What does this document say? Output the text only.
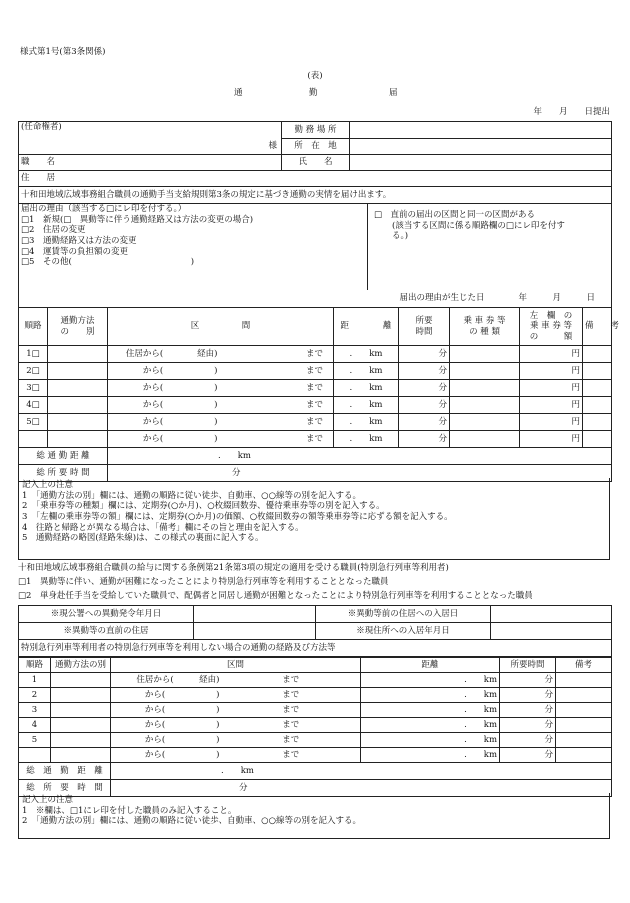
様式第1号(第3条関係)
(表)
通	勤	届
年　　月　　日提出
(任命権者)
様	勤 務 場 所	
	所　在　地	
職　　名	氏　　名	
住　　居		
十和田地域広域事務組合職員の通勤手当支給規則第3条の規定に基づき通勤の実情を届け出ます。

届出の理由（該当する□にレ印を付する。）
□1　新規(□　異動等に伴う通勤経路又は方法の変更の場合)
□2　住居の変更
□3　通勤経路又は方法の変更
□4　運賃等の負担額の変更
□5　その他(　　　　　　　　　　　　　　)

□　直前の届出の区間と同一の区間がある
(該当する区間に係る順路欄の□にレ印を付す
る。)

届出の理由が生じた日　　　　年　　　月　　　日
順路	通勤方法
の　　別	区　　　　　間		距　　　　離	所要
時間	乗 車 券 等
の 種 類	左　欄　の
乗 車 券 等
の　　　額	備　　考
1□		住居から(　　　　経由)	まで	.　　km	分		円	
2□		から(　　　　　　)	まで	.　　km	分		円	
3□		から(　　　　　　)	まで	.　　km	分		円	
4□		から(　　　　　　)	まで	.　　km	分		円	
5□		から(　　　　　　)	まで	.　　km	分		円	
		から(　　　　　　)	まで	.　　km	分		円	
総 通 勤 距 離		.　　km						
総 所 要 時 間		分						
記入上の注意
1　「通勤方法の別」欄には、通勤の順路に従い徒歩、自動車、○○線等の別を記入する。
2　「乗車券等の種類」欄には、定期券(○か月)、○枚綴回数券、優待乗車券等の別を記入する。
3　「左欄の乗車券等の額」欄には、定期券(○か月)の価額、○枚綴回数券の額等乗車券等に応ずる額を記入する。
4　往路と帰路とが異なる場合は、「備考」欄にその旨と理由を記入する。
5　通勤経路の略図(経路朱線)は、この様式の裏面に記入する。
十和田地域広域事務組合職員の給与に関する条例第21条第3項の規定の適用を受ける職員(特別急行列車等利用者)
□1　異動等に伴い、通勤が困難になったことにより特別急行列車等を利用することとなった職員
□2　単身赴任手当を受給していた職員で、配偶者と同居し通勤が困難となったことにより特別急行列車等を利用することとなった職員
※現公署への異動発令年月日		※異動等前の住居への入居日	
※異動等の直前の住居		※現住所への入居年月日	
特別急行列車等利用者の特別急行列車等を利用しない場合の通勤の経路及び方法等			
順路	通勤方法の別	区間		距離	所要時間	備考
1		住居から(　　　経由)	まで	.　　km	分	
2		から(　　　　　　)	まで	.　　km	分	
3		から(　　　　　　)	まで	.　　km	分	
4		から(　　　　　　)	まで	.　　km	分	
5		から(　　　　　　)	まで	.　　km	分	
		から(　　　　　　)	まで	.　　km	分	
総　通　勤　距　離		.　　km				
総　所　要　時　間		分				
記入上の注意
1　※欄は、□1にレ印を付した職員のみ記入すること。
2　「通勤方法の別」欄には、通勤の順路に従い徒歩、自動車、○○線等の別を記入する。
